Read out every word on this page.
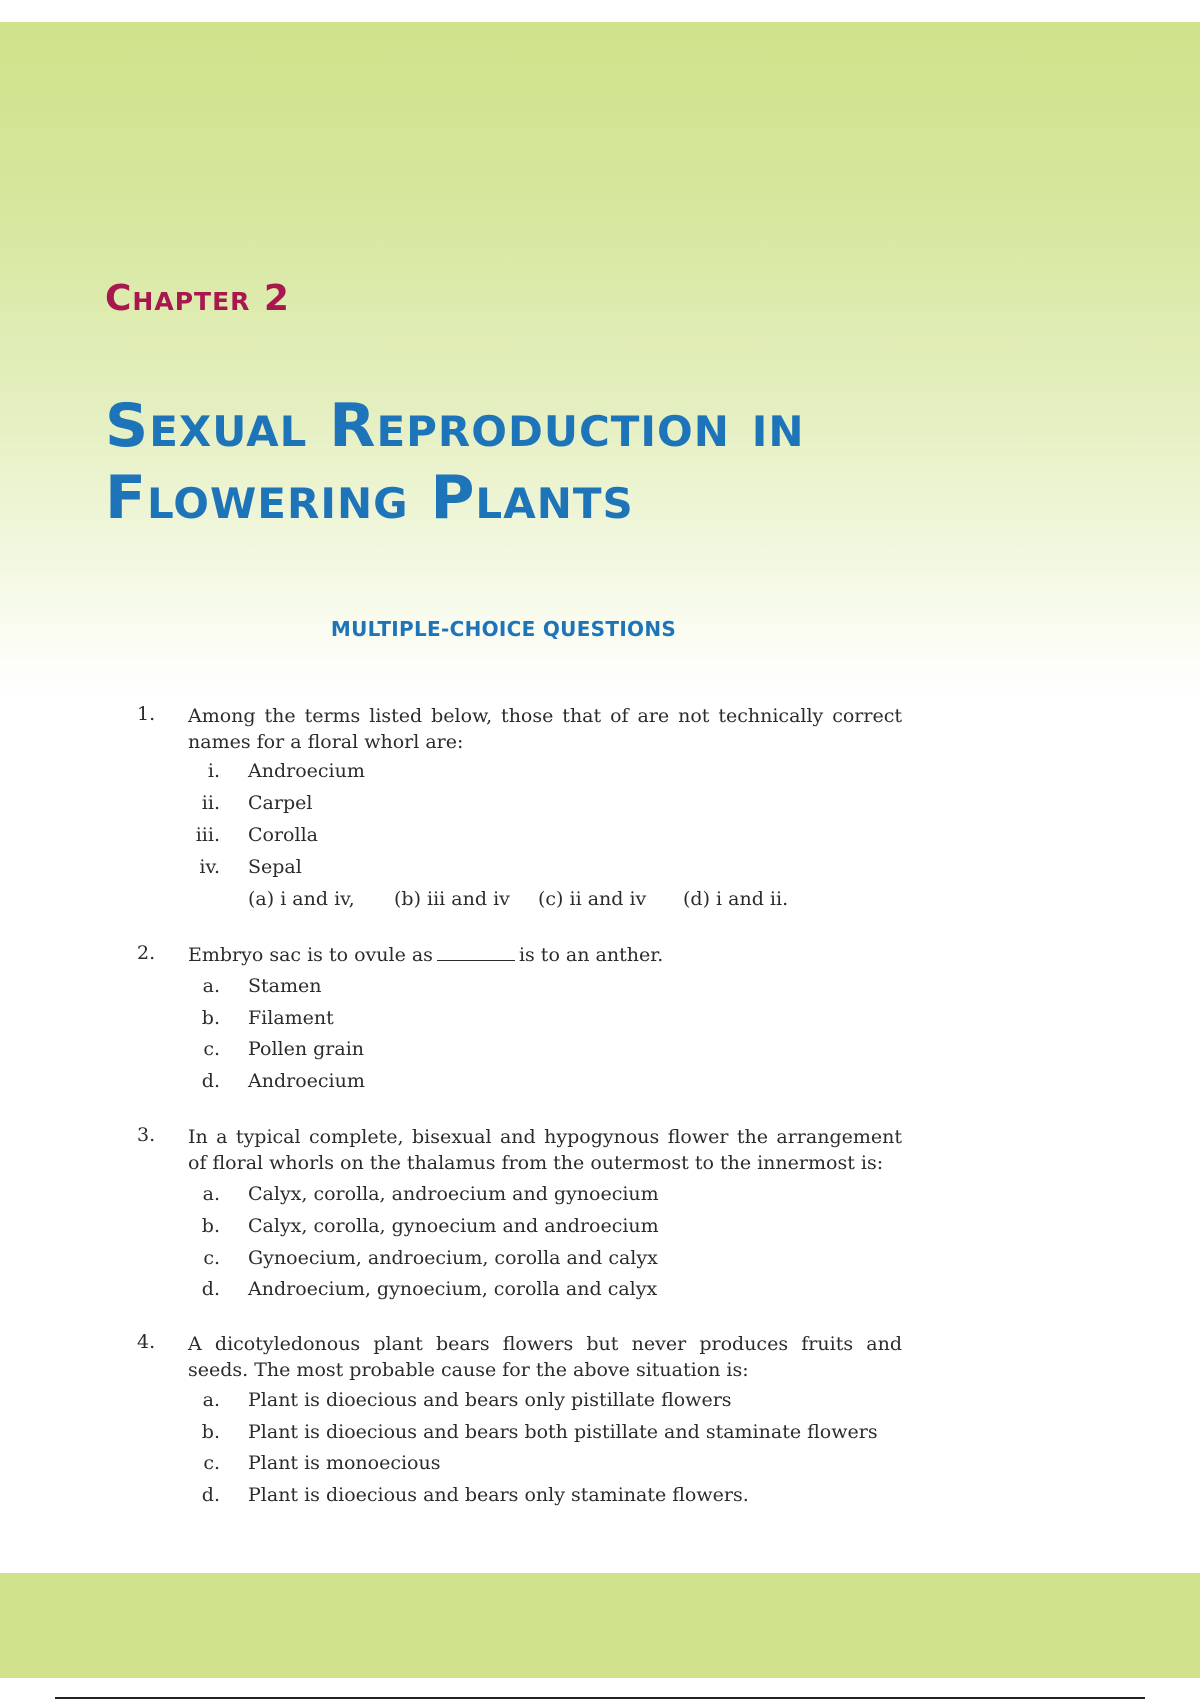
Chapter 2
Sexual Reproduction in
Flowering Plants
MULTIPLE-CHOICE QUESTIONS
1. Among the terms listed below, those that of are not technically correct names for a floral whorl are:
i. Androecium
ii. Carpel
iii. Corolla
iv. Sepal
(a) i and iv, (b) iii and iv (c) ii and iv (d) i and ii.
2. Embryo sac is to ovule as	is to an anther.
a. Stamen
b. Filament
c. Pollen grain
d. Androecium
3. In a typical complete, bisexual and hypogynous flower the arrangement of floral whorls on the thalamus from the outermost to the innermost is:
a. Calyx, corolla, androecium and gynoecium
b. Calyx, corolla, gynoecium and androecium
c. Gynoecium, androecium, corolla and calyx
d. Androecium, gynoecium, corolla and calyx
4. A dicotyledonous plant bears flowers but never produces fruits and seeds. The most probable cause for the above situation is:
a. Plant is dioecious and bears only pistillate flowers
b. Plant is dioecious and bears both pistillate and staminate flowers
c. Plant is monoecious
d. Plant is dioecious and bears only staminate flowers.
